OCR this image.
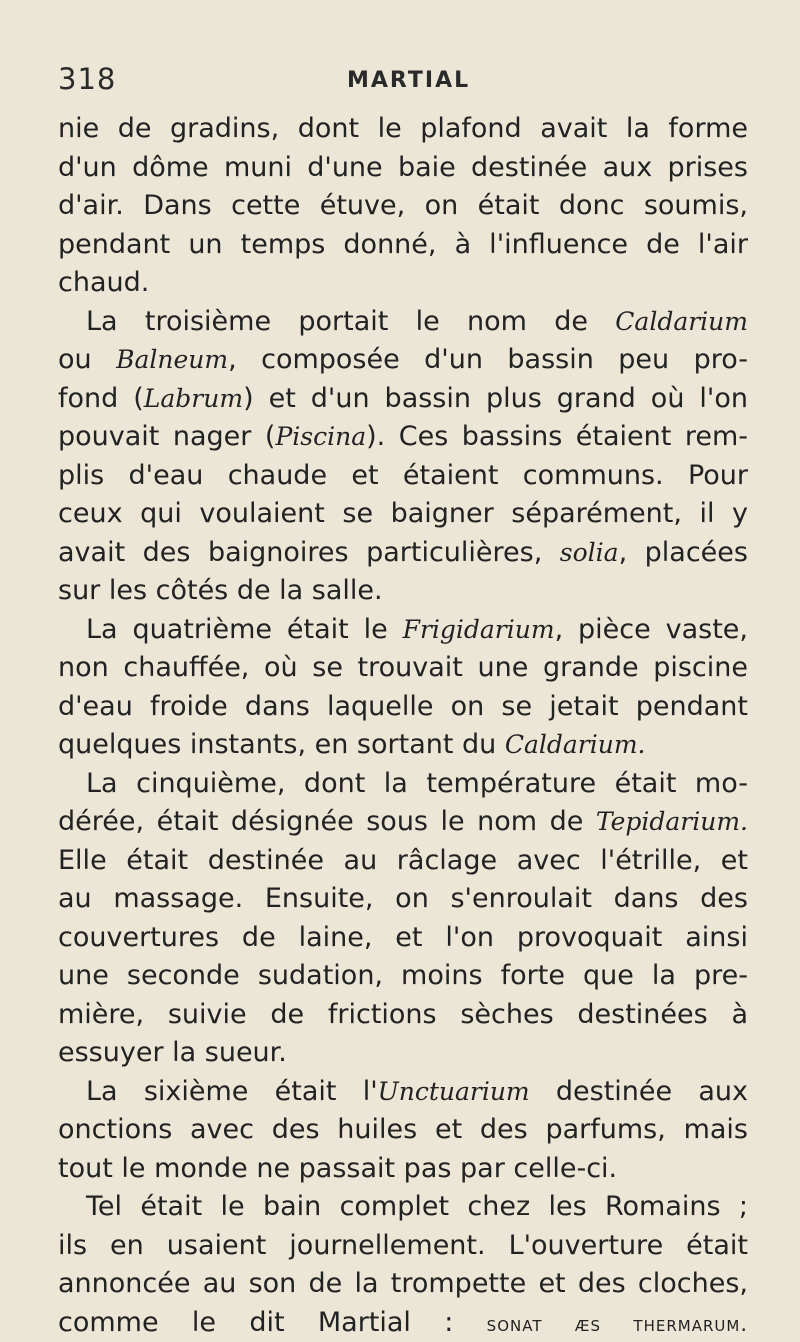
318	MARTIAL
nie de gradins, dont le plafond avait la forme
d'un dôme muni d'une baie destinée aux prises
d'air. Dans cette étuve, on était donc soumis,
pendant un temps donné, à l'influence de l'air
chaud.
La troisième portait le nom de Caldarium
ou Balneum, composée d'un bassin peu pro-
fond (Labrum) et d'un bassin plus grand où l'on
pouvait nager (Piscina). Ces bassins étaient rem-
plis d'eau chaude et étaient communs. Pour
ceux qui voulaient se baigner séparément, il y
avait des baignoires particulières, solia, placées
sur les côtés de la salle.
La quatrième était le Frigidarium, pièce vaste,
non chauffée, où se trouvait une grande piscine
d'eau froide dans laquelle on se jetait pendant
quelques instants, en sortant du Caldarium.
La cinquième, dont la température était mo-
dérée, était désignée sous le nom de Tepidarium.
Elle était destinée au râclage avec l'étrille, et
au massage. Ensuite, on s'enroulait dans des
couvertures de laine, et l'on provoquait ainsi
une seconde sudation, moins forte que la pre-
mière, suivie de frictions sèches destinées à
essuyer la sueur.
La sixième était l'Unctuarium destinée aux
onctions avec des huiles et des parfums, mais
tout le monde ne passait pas par celle-ci.
Tel était le bain complet chez les Romains ;
ils en usaient journellement. L'ouverture était
annoncée au son de la trompette et des cloches,
comme le dit Martial : sonat æs thermarum.
